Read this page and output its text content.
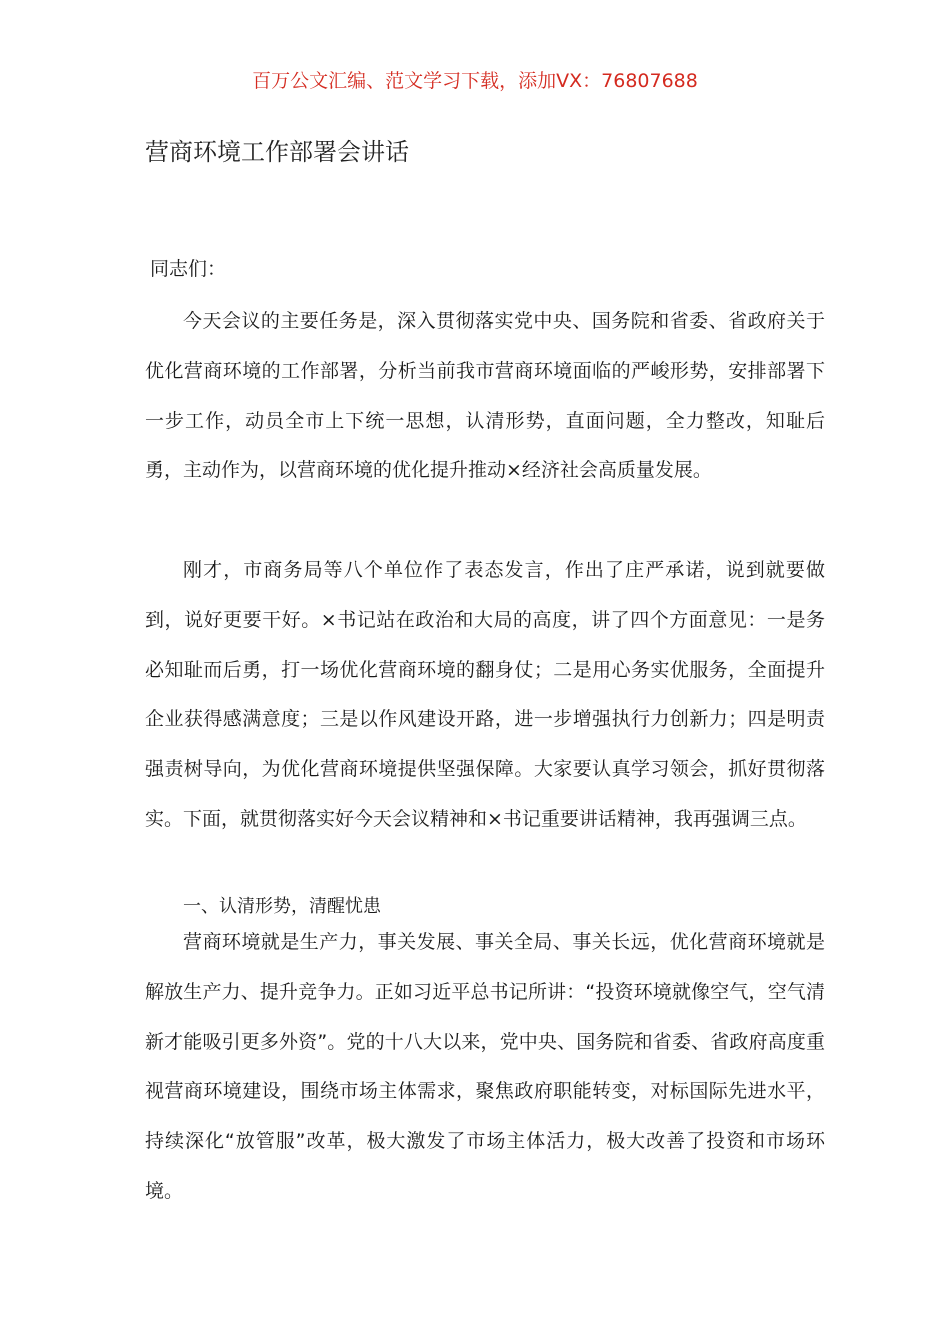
百万公文汇编、范文学习下载，添加VX：76807688
营商环境工作部署会讲话
同志们：

今天会议的主要任务是，深入贯彻落实党中央、国务院和省委、省政府关于优化营商环境的工作部署，分析当前我市营商环境面临的严峻形势，安排部署下一步工作，动员全市上下统一思想，认清形势，直面问题，全力整改，知耻后勇，主动作为，以营商环境的优化提升推动×经济社会高质量发展。

刚才，市商务局等八个单位作了表态发言，作出了庄严承诺，说到就要做到，说好更要干好。×书记站在政治和大局的高度，讲了四个方面意见：一是务必知耻而后勇，打一场优化营商环境的翻身仗；二是用心务实优服务，全面提升企业获得感满意度；三是以作风建设开路，进一步增强执行力创新力；四是明责强责树导向，为优化营商环境提供坚强保障。大家要认真学习领会，抓好贯彻落实。下面，就贯彻落实好今天会议精神和×书记重要讲话精神，我再强调三点。

一、认清形势，清醒忧患

营商环境就是生产力，事关发展、事关全局、事关长远，优化营商环境就是解放生产力、提升竞争力。正如习近平总书记所讲：“投资环境就像空气，空气清新才能吸引更多外资”。党的十八大以来，党中央、国务院和省委、省政府高度重视营商环境建设，围绕市场主体需求，聚焦政府职能转变，对标国际先进水平，持续深化“放管服”改革，极大激发了市场主体活力，极大改善了投资和市场环境。
